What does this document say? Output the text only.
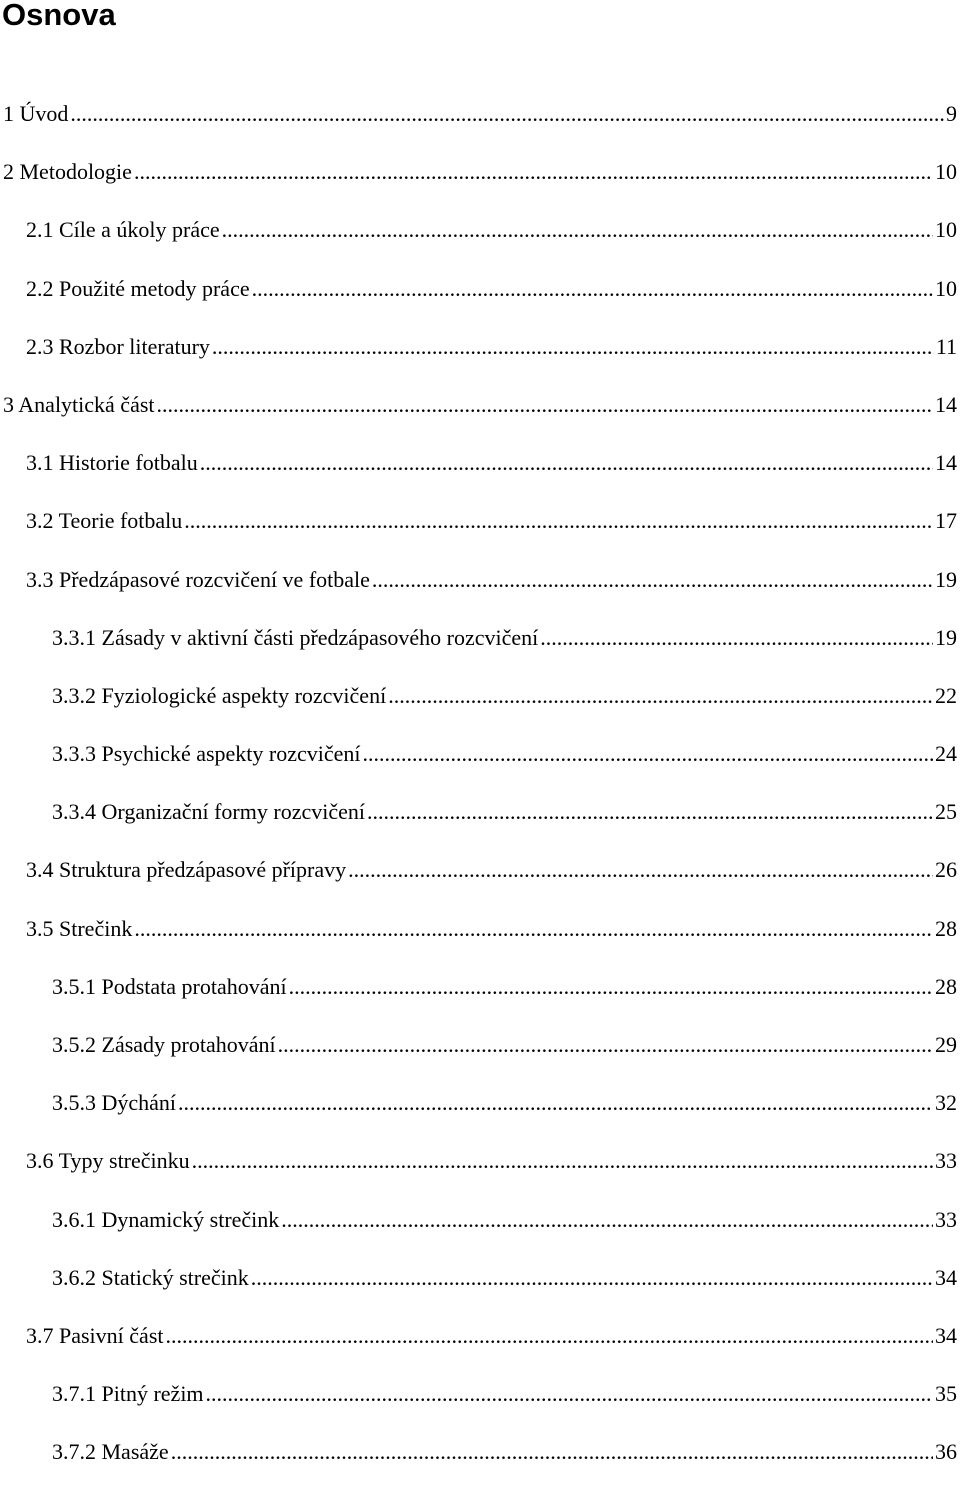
Osnova
1 Úvod .....	9
2 Metodologie .....	10
2.1 Cíle a úkoly práce .....	10
2.2 Použité metody práce .....	10
2.3 Rozbor literatury .....	11
3 Analytická část .....	14
3.1 Historie fotbalu .....	14
3.2 Teorie fotbalu .....	17
3.3 Předzápasové rozcvičení ve fotbale .....	19
3.3.1 Zásady v aktivní části předzápasového rozcvičení .....	19
3.3.2 Fyziologické aspekty rozcvičení .....	22
3.3.3 Psychické aspekty rozcvičení .....	24
3.3.4 Organizační formy rozcvičení .....	25
3.4 Struktura předzápasové přípravy .....	26
3.5 Strečink .....	28
3.5.1 Podstata protahování .....	28
3.5.2 Zásady protahování .....	29
3.5.3 Dýchání .....	32
3.6 Typy strečinku .....	33
3.6.1 Dynamický strečink .....	33
3.6.2 Statický strečink .....	34
3.7 Pasivní část .....	34
3.7.1 Pitný režim .....	35
3.7.2 Masáže .....	36
